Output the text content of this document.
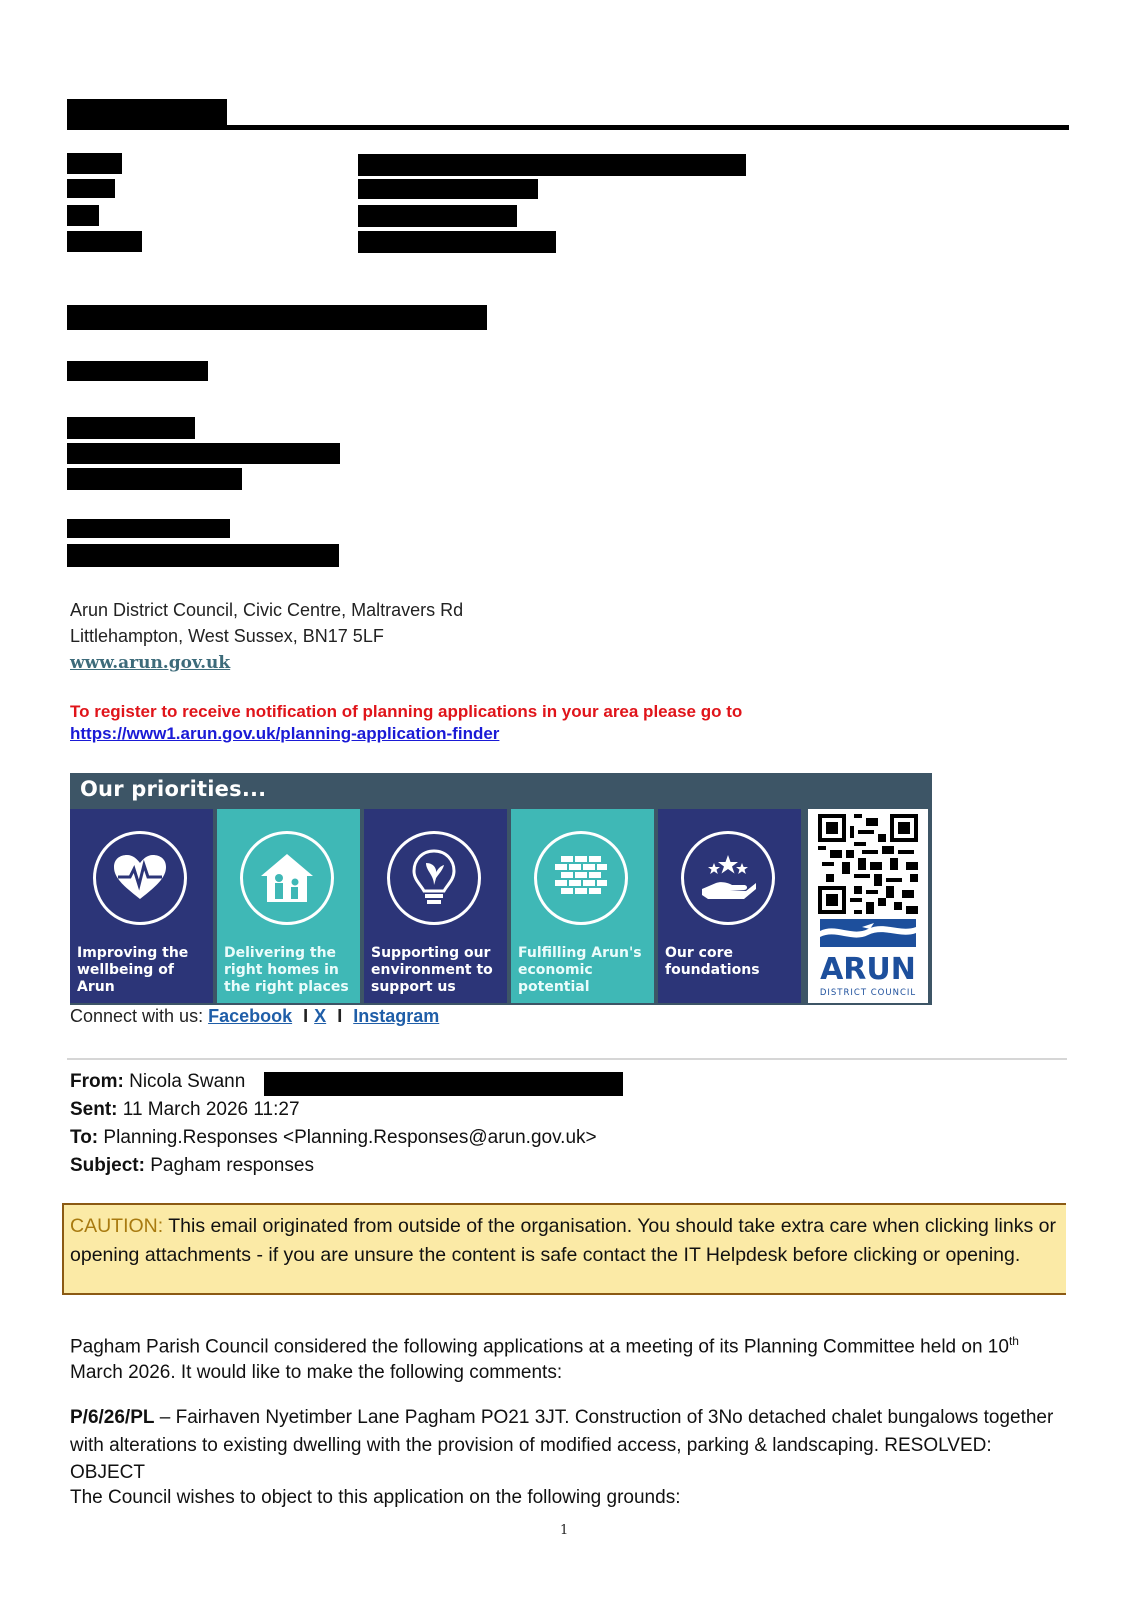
Arun District Council, Civic Centre, Maltravers Rd
Littlehampton, West Sussex, BN17 5LF
www.arun.gov.uk
To register to receive notification of planning applications in your area please go to
https://www1.arun.gov.uk/planning-application-finder
Our priorities...
Improving the wellbeing of Arun
Delivering the right homes in the right places
Supporting our environment to support us
Fulfilling Arun's economic potential
Our core foundations	ARUN
DISTRICT COUNCIL
Connect with us: Facebook I X I Instagram
From: Nicola Swann
Sent: 11 March 2026 11:27
To: Planning.Responses <Planning.Responses@arun.gov.uk>
Subject: Pagham responses

CAUTION: This email originated from outside of the organisation. You should take extra care when clicking links or opening attachments - if you are unsure the content is safe contact the IT Helpdesk before clicking or opening.

Pagham Parish Council considered the following applications at a meeting of its Planning Committee held on 10th March 2026. It would like to make the following comments:
P/6/26/PL – Fairhaven Nyetimber Lane Pagham PO21 3JT. Construction of 3No detached chalet bungalows together with alterations to existing dwelling with the provision of modified access, parking & landscaping. RESOLVED: OBJECT
The Council wishes to object to this application on the following grounds:
1
